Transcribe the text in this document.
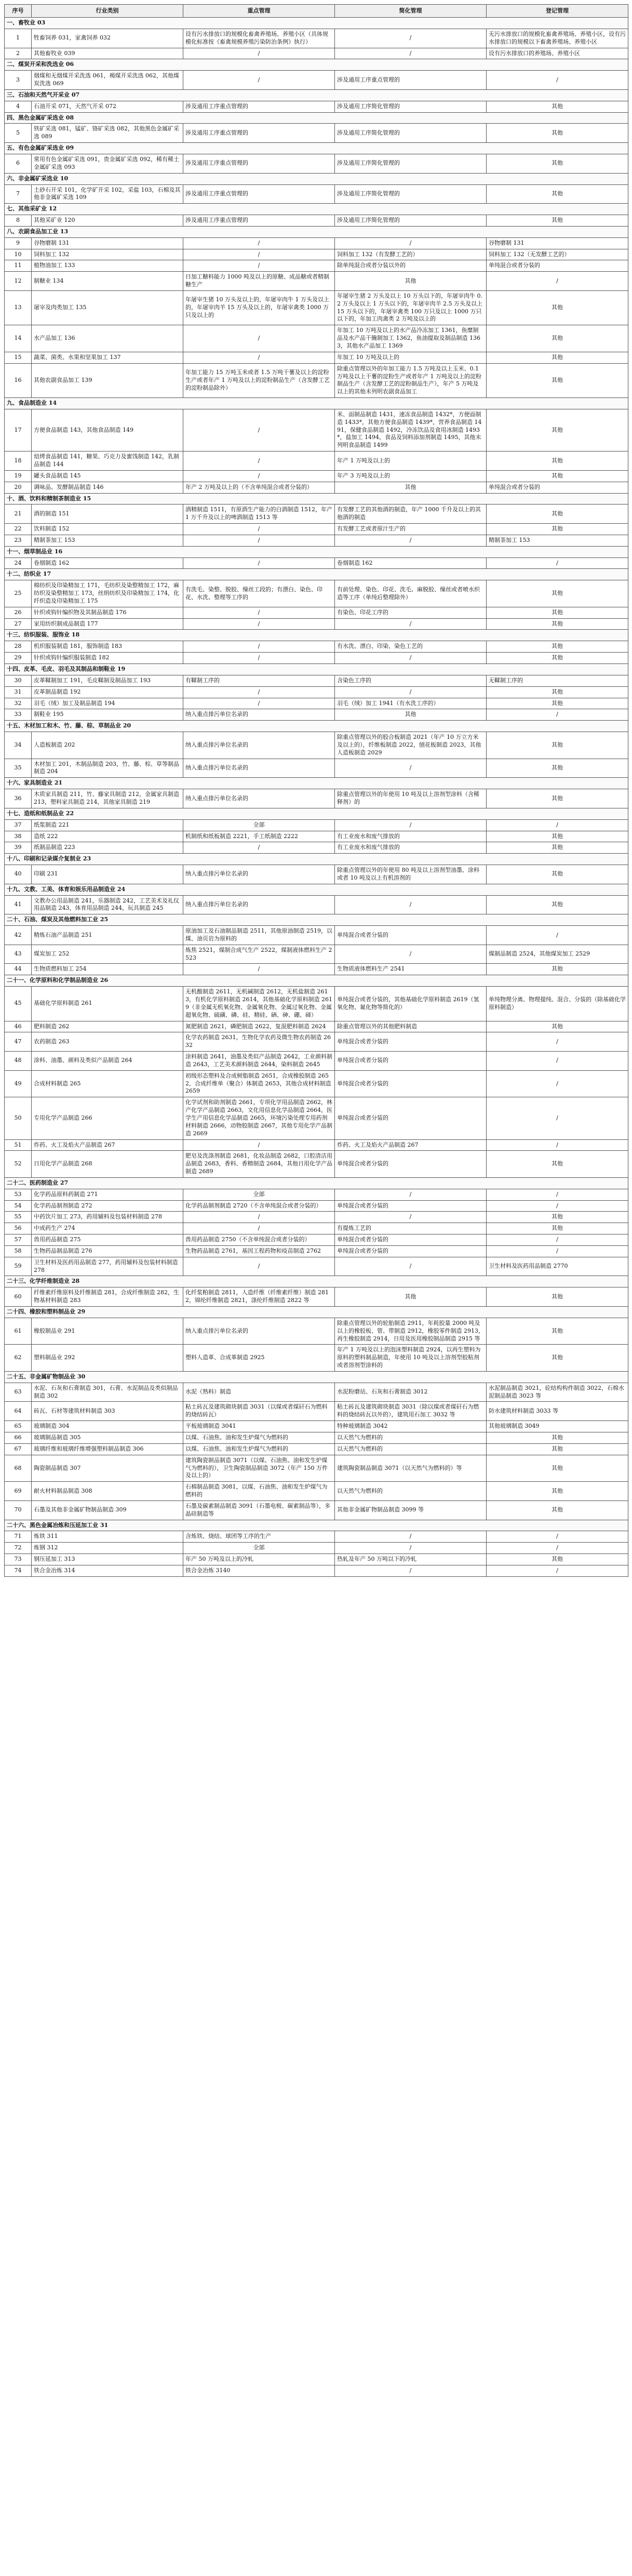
序号	行业类别	重点管理	简化管理	登记管理
一、畜牧业 03				
1	牲畜饲养 031，家禽饲养 032	设有污水排放口的规模化畜禽养殖场、养殖小区（具体规模化标准按《畜禽规模养殖污染防治条例》执行）	/	无污水排放口的规模化畜禽养殖场、养殖小区，设有污水排放口的规模以下畜禽养殖场、养殖小区
2	其他畜牧业 039	/	/	设有污水排放口的养殖场、养殖小区
二、煤炭开采和洗选业 06				
3	烟煤和无烟煤开采洗选 061，褐煤开采洗选 062，其他煤炭洗选 069	/	涉及通用工序重点管理的	/
三、石油和天然气开采业 07				
4	石油开采 071，天然气开采 072	涉及通用工序重点管理的	涉及通用工序简化管理的	其他
四、黑色金属矿采选业 08				
5	铁矿采选 081，锰矿、铬矿采选 082，其他黑色金属矿采选 089	涉及通用工序重点管理的	涉及通用工序简化管理的	其他
五、有色金属矿采选业 09				
6	常用有色金属矿采选 091，贵金属矿采选 092，稀有稀土金属矿采选 093	涉及通用工序重点管理的	涉及通用工序简化管理的	其他
六、非金属矿采选业 10				
7	土砂石开采 101，化学矿开采 102，采盐 103，石棉及其他非金属矿采选 109	涉及通用工序重点管理的	涉及通用工序简化管理的	其他
七、其他采矿业 12				
8	其他采矿业 120	涉及通用工序重点管理的	涉及通用工序简化管理的	其他
八、农副食品加工业 13				
9	谷物磨制 131	/	/	谷物磨制 131
10	饲料加工 132	/	饲料加工 132（有发酵工艺的）	饲料加工 132（无发酵工艺的）
11	植物油加工 133	/	除单纯混合或者分装以外的	单纯混合或者分装的
12	制糖业 134	日加工糖料能力 1000 吨及以上的原糖、成品糖或者精制糖生产	其他	/
13	屠宰及肉类加工 135	年屠宰生猪 10 万头及以上的，年屠宰肉牛 1 万头及以上的，年屠宰肉羊 15 万头及以上的，年屠宰禽类 1000 万只及以上的	年屠宰生猪 2 万头及以上 10 万头以下的，年屠宰肉牛 0.2 万头及以上 1 万头以下的，年屠宰肉羊 2.5 万头及以上 15 万头以下的，年屠宰禽类 100 万只及以上 1000 万只以下的，年加工肉禽类 2 万吨及以上的	其他
14	水产品加工 136	/	年加工 10 万吨及以上的水产品冷冻加工 1361，鱼糜制品及水产品干腌制加工 1362，鱼油提取及制品制造 1363，其他水产品加工 1369	其他
15	蔬菜、菌类、水果和坚果加工 137	/	年加工 10 万吨及以上的	其他
16	其他农副食品加工 139	年加工能力 15 万吨玉米或者 1.5 万吨干薯及以上的淀粉生产或者年产 1 万吨及以上的淀粉制品生产（含发酵工艺的淀粉制品除外）	除重点管理以外的年加工能力 1.5 万吨及以上玉米、0.1 万吨及以上干薯的淀粉生产或者年产 1 万吨及以上的淀粉制品生产（含发酵工艺的淀粉制品生产），年产 5 万吨及以上的其他未列明农副食品加工	其他
九、食品制造业 14				
17	方便食品制造 143，其他食品制造 149	/	米、面制品制造 1431，速冻食品制造 1432*，方便面制造 1433*，其他方便食品制造 1439*，营养食品制造 1491，保健食品制造 1492，冷冻饮品及食用冰制造 1493*，盐加工 1494，食品及饲料添加剂制造 1495，其他未列明食品制造 1499	其他
18	焙烤食品制造 141，糖果、巧克力及蜜饯制造 142，乳制品制造 144	/	年产 1 万吨及以上的	其他
19	罐头食品制造 145	/	年产 3 万吨及以上的	其他
20	调味品、发酵制品制造 146	年产 2 万吨及以上的（不含单纯混合或者分装的）	其他	单纯混合或者分装的
十、酒、饮料和精制茶制造业 15				
21	酒的制造 151	酒精制造 1511，有原酒生产能力的白酒制造 1512，年产 1 万千升及以上的啤酒制造 1513 等	有发酵工艺的其他酒的制造，年产 1000 千升及以上的其他酒的制造	其他
22	饮料制造 152	/	有发酵工艺或者原汁生产的	其他
23	精制茶加工 153	/	/	精制茶加工 153
十一、烟草制品业 16				
24	卷烟制造 162	/	卷烟制造 162	/
十二、纺织业 17				
25	棉纺织及印染精加工 171，毛纺织及染整精加工 172，麻纺织及染整精加工 173，丝绢纺织及印染精加工 174，化纤织造及印染精加工 175	有洗毛、染整、脱胶、缫丝工段的；有漂白、染色、印花、水洗、整理等工序的	有前处理、染色、印花、洗毛、麻脱胶、缫丝或者喷水织造等工序（单纯后整理除外）	其他
26	针织或钩针编织物及其制品制造 176	/	有染色、印花工序的	其他
27	家用纺织制成品制造 177	/	/	其他
十三、纺织服装、服饰业 18				
28	机织服装制造 181，服饰制造 183	/	有水洗、漂白、印染、染色工艺的	其他
29	针织或钩针编织服装制造 182	/	/	其他
十四、皮革、毛皮、羽毛及其制品和制鞋业 19				
30	皮革鞣制加工 191，毛皮鞣制及制品加工 193	有鞣制工序的	含染色工序的	无鞣制工序的
31	皮革制品制造 192	/	/	其他
32	羽毛（绒）加工及制品制造 194	/	羽毛（绒）加工 1941（有水洗工序的）	其他
33	制鞋业 195	纳入重点排污单位名录的	其他	/
十五、木材加工和木、竹、藤、棕、草制品业 20				
34	人造板制造 202	纳入重点排污单位名录的	除重点管理以外的胶合板制造 2021（年产 10 万立方米及以上的），纤维板制造 2022，刨花板制造 2023，其他人造板制造 2029	其他
35	木材加工 201，木制品制造 203，竹、藤、棕、草等制品制造 204	纳入重点排污单位名录的	/	其他
十六、家具制造业 21				
36	木质家具制造 211，竹、藤家具制造 212，金属家具制造 213，塑料家具制造 214，其他家具制造 219	纳入重点排污单位名录的	除重点管理以外的年使用 10 吨及以上溶剂型涂料（含稀释剂）的	其他
十七、造纸和纸制品业 22				
37	纸浆制造 221	全部	/	/
38	造纸 222	机制纸和纸板制造 2221，手工纸制造 2222	有工业废水和废气排放的	其他
39	纸制品制造 223	/	有工业废水和废气排放的	其他
十八、印刷和记录媒介复制业 23				
40	印刷 231	纳入重点排污单位名录的	除重点管理以外的年使用 80 吨及以上溶剂型油墨、涂料或者 10 吨及以上有机溶剂的	其他
十九、文教、工美、体育和娱乐用品制造业 24				
41	文教办公用品制造 241，乐器制造 242，工艺美术及礼仪用品制造 243，体育用品制造 244，玩具制造 245	纳入重点排污单位名录的	/	其他
二十、石油、煤炭及其他燃料加工业 25				
42	精炼石油产品制造 251	原油加工及石油制品制造 2511，其他原油制造 2519，以煤、油页岩为原料的	单纯混合或者分装的	/
43	煤炭加工 252	炼焦 2521，煤制合成气生产 2522，煤制液体燃料生产 2523	/	煤制品制造 2524，其他煤炭加工 2529
44	生物质燃料加工 254	/	生物质液体燃料生产 2541	其他
二十一、化学原料和化学制品制造业 26				
45	基础化学原料制造 261	无机酸制造 2611，无机碱制造 2612，无机盐制造 2613，有机化学原料制造 2614，其他基础化学原料制造 2619（非金属无机氧化物、金属氧化物、金属过氧化物、金属超氧化物、硫磺、磷、硅、精硅、硒、砷、硼、碲）	单纯混合或者分装的，其他基础化学原料制造 2619（氢氧化物、氟化物等简化的）	单纯物理分离、物理提纯、混合、分装的（除基础化学原料制造）
46	肥料制造 262	氮肥制造 2621，磷肥制造 2622，复混肥料制造 2624	除重点管理以外的其他肥料制造	其他
47	农药制造 263	化学农药制造 2631，生物化学农药及微生物农药制造 2632	单纯混合或者分装的	/
48	涂料、油墨、颜料及类似产品制造 264	涂料制造 2641，油墨及类似产品制造 2642，工业颜料制造 2643，工艺美术颜料制造 2644，染料制造 2645	单纯混合或者分装的	/
49	合成材料制造 265	初级形态塑料及合成树脂制造 2651，合成橡胶制造 2652，合成纤维单（聚合）体制造 2653，其他合成材料制造 2659	单纯混合或者分装的	/
50	专用化学产品制造 266	化学试剂和助剂制造 2661，专项化学用品制造 2662，林产化学产品制造 2663，文化用信息化学品制造 2664，医学生产用信息化学品制造 2665，环境污染处理专用药剂材料制造 2666，动物胶制造 2667，其他专用化学产品制造 2669	单纯混合或者分装的	/
51	炸药、火工及焰火产品制造 267	/	炸药、火工及焰火产品制造 267	/
52	日用化学产品制造 268	肥皂及洗涤剂制造 2681，化妆品制造 2682，口腔清洁用品制造 2683，香料、香精制造 2684，其他日用化学产品制造 2689	单纯混合或者分装的	其他
二十二、医药制造业 27				
53	化学药品原料药制造 271	全部	/	/
54	化学药品制剂制造 272	化学药品制剂制造 2720（不含单纯混合或者分装的）	单纯混合或者分装的	/
55	中药饮片加工 273，药用辅料及包装材料制造 278	/	/	其他
56	中成药生产 274	/	有提炼工艺的	其他
57	兽用药品制造 275	兽用药品制造 2750（不含单纯混合或者分装的）	单纯混合或者分装的	/
58	生物药品制品制造 276	生物药品制造 2761，基因工程药物和疫苗制造 2762	单纯混合或者分装的	/
59	卫生材料及医药用品制造 277，药用辅料及包装材料制造 278	/	/	卫生材料及医药用品制造 2770
二十三、化学纤维制造业 28				
60	纤维素纤维原料及纤维制造 281，合成纤维制造 282，生物基材料制造 283	化纤浆粕制造 2811，人造纤维（纤维素纤维）制造 2812，锦纶纤维制造 2821，涤纶纤维制造 2822 等	其他	其他
二十四、橡胶和塑料制品业 29				
61	橡胶制品业 291	纳入重点排污单位名录的	除重点管理以外的轮胎制造 2911，年耗胶量 2000 吨及以上的橡胶板、管、带制造 2912，橡胶零件制造 2913，再生橡胶制造 2914，日用及医用橡胶制品制造 2915 等	其他
62	塑料制品业 292	塑料人造革、合成革制造 2925	年产 1 万吨及以上的泡沫塑料制造 2924，以再生塑料为原料的塑料制品制造，年使用 10 吨及以上溶剂型胶粘剂或者溶剂型涂料的	其他
二十五、非金属矿物制品业 30				
63	水泥、石灰和石膏制造 301，石膏、水泥制品及类似制品制造 302	水泥（熟料）制造	水泥粉磨站、石灰和石膏制造 3012	水泥制品制造 3021，砼结构构件制造 3022，石棉水泥制品制造 3023 等
64	砖瓦、石材等建筑材料制造 303	粘土砖瓦及建筑砌块制造 3031（以煤或者煤矸石为燃料的烧结砖瓦）	粘土砖瓦及建筑砌块制造 3031（除以煤或者煤矸石为燃料的烧结砖瓦以外的），建筑用石加工 3032 等	防水建筑材料制造 3033 等
65	玻璃制造 304	平板玻璃制造 3041	特种玻璃制造 3042	其他玻璃制造 3049
66	玻璃制品制造 305	以煤、石油焦、油和发生炉煤气为燃料的	以天然气为燃料的	其他
67	玻璃纤维和玻璃纤维增强塑料制品制造 306	以煤、石油焦、油和发生炉煤气为燃料的	以天然气为燃料的	其他
68	陶瓷制品制造 307	建筑陶瓷制品制造 3071（以煤、石油焦、油和发生炉煤气为燃料的），卫生陶瓷制品制造 3072（年产 150 万件及以上的）	建筑陶瓷制品制造 3071（以天然气为燃料的）等	其他
69	耐火材料制品制造 308	石棉制品制造 3081，以煤、石油焦、油和发生炉煤气为燃料的	以天然气为燃料的	其他
70	石墨及其他非金属矿物制品制造 309	石墨及碳素制品制造 3091（石墨电极、碳素制品等），多晶硅制造等	其他非金属矿物制品制造 3099 等	其他
二十六、黑色金属冶炼和压延加工业 31				
71	炼铁 311	含炼铁、烧结、球团等工序的生产	/	/
72	炼钢 312	全部	/	/
73	钢压延加工 313	年产 50 万吨及以上的冷轧	热轧及年产 50 万吨以下的冷轧	其他
74	铁合金冶炼 314	铁合金冶炼 3140	/	/
